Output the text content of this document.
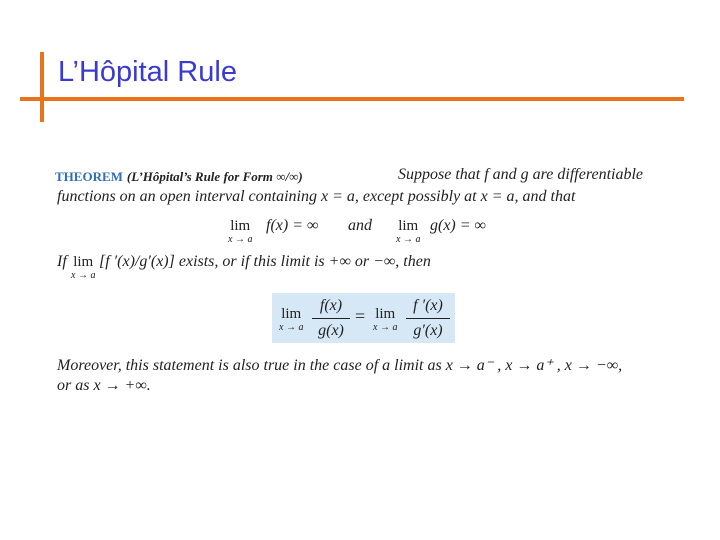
L’Hôpital Rule
THEOREM (L’Hôpital’s Rule for Form ∞/∞)	Suppose that f and g are differentiable
functions on an open interval containing x = a, except possibly at x = a, and that
lim
x → a
f(x) = ∞ and lim
x → a
g(x) = ∞
If lim
x → a
[f ′(x)/g′(x)] exists, or if this limit is +∞ or −∞, then
lim
x → a
f(x)
g(x)
= lim
x → a
f ′(x)
g′(x)
Moreover, this statement is also true in the case of a limit as x → a⁻ , x → a⁺ , x → −∞,
or as x → +∞.
